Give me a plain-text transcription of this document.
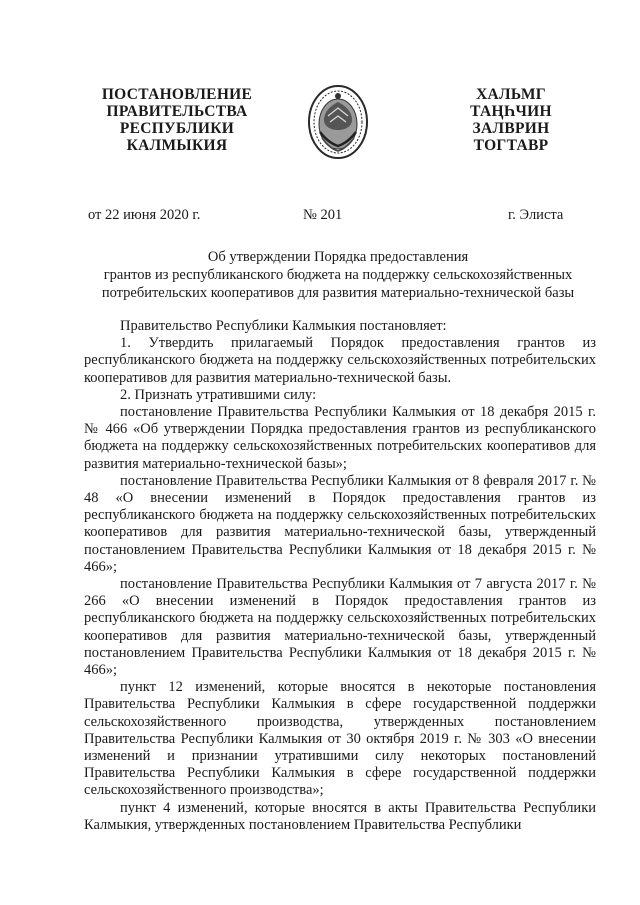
ПОСТАНОВЛЕНИЕ
ПРАВИТЕЛЬСТВА
РЕСПУБЛИКИ
КАЛМЫКИЯ
ХАЛЬМГ
ТАҢҺЧИН
ЗАЛВРИН
ТОГТАВР
от 22 июня 2020 г.	№ 201	г. Элиста
Об утверждении Порядка предоставления
грантов из республиканского бюджета на поддержку сельскохозяйственных
потребительских кооперативов для развития материально-технической базы

Правительство Республики Калмыкия постановляет:

1. Утвердить прилагаемый Порядок предоставления грантов из республиканского бюджета на поддержку сельскохозяйственных потребительских кооперативов для развития материально-технической базы.

2. Признать утратившими силу:

постановление Правительства Республики Калмыкия от 18 декабря 2015 г. № 466 «Об утверждении Порядка предоставления грантов из республиканского бюджета на поддержку сельскохозяйственных потребительских кооперативов для развития материально-технической базы»;

постановление Правительства Республики Калмыкия от 8 февраля 2017 г. № 48 «О внесении изменений в Порядок предоставления грантов из республиканского бюджета на поддержку сельскохозяйственных потребительских кооперативов для развития материально-технической базы, утвержденный постановлением Правительства Республики Калмыкия от 18 декабря 2015 г. № 466»;

постановление Правительства Республики Калмыкия от 7 августа 2017 г. № 266 «О внесении изменений в Порядок предоставления грантов из республиканского бюджета на поддержку сельскохозяйственных потребительских кооперативов для развития материально-технической базы, утвержденный постановлением Правительства Республики Калмыкия от 18 декабря 2015 г. № 466»;

пункт 12 изменений, которые вносятся в некоторые постановления Правительства Республики Калмыкия в сфере государственной поддержки сельскохозяйственного производства, утвержденных постановлением Правительства Республики Калмыкия от 30 октября 2019 г. № 303 «О внесении изменений и признании утратившими силу некоторых постановлений Правительства Республики Калмыкия в сфере государственной поддержки сельскохозяйственного производства»;

пункт 4 изменений, которые вносятся в акты Правительства Республики Калмыкия, утвержденных постановлением Правительства Республики
